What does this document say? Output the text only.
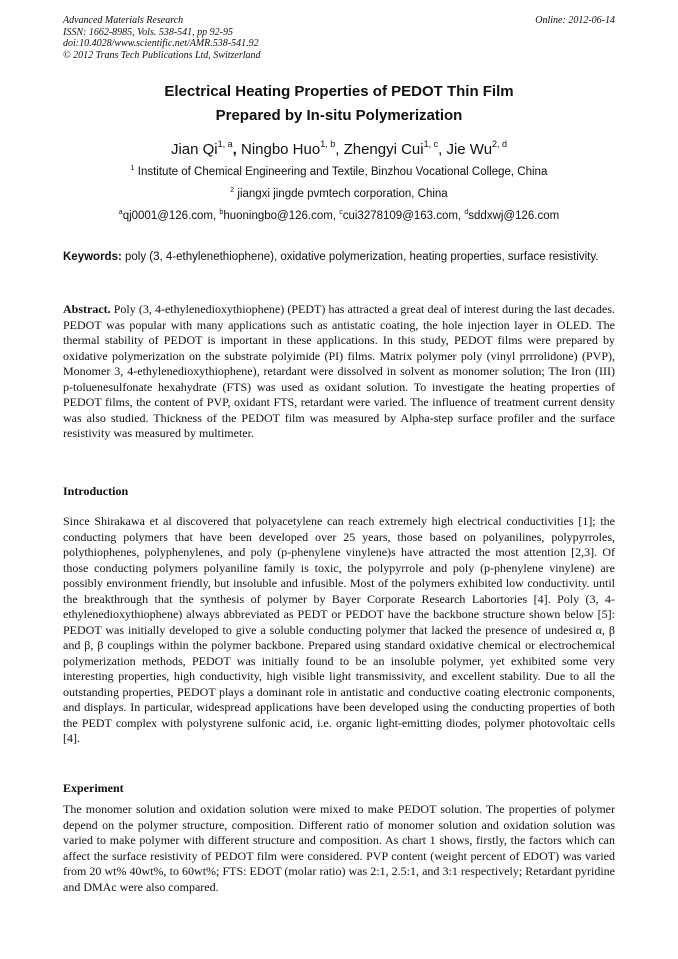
Advanced Materials Research
ISSN: 1662-8985, Vols. 538-541, pp 92-95
doi:10.4028/www.scientific.net/AMR.538-541.92
© 2012 Trans Tech Publications Ltd, Switzerland
Online: 2012-06-14
Electrical Heating Properties of PEDOT Thin Film
Prepared by In-situ Polymerization
Jian Qi$^{1, a}$, Ningbo Huo$^{1, b}$, Zhengyi Cui$^{1, c}$, Jie Wu$^{2, d}$
$^1$ Institute of Chemical Engineering and Textile, Binzhou Vocational College, China
$^2$ jiangxi jingde pvmtech corporation, China
$^a$qj0001@126.com, $^b$huoningbo@126.com, $^c$cui3278109@163.com, $^d$sddxwj@126.com
Keywords: poly (3, 4-ethylenethiophene), oxidative polymerization, heating properties, surface resistivity.
Abstract. Poly (3, 4-ethylenedioxythiophene) (PEDT) has attracted a great deal of interest during the last decades. PEDOT was popular with many applications such as antistatic coating, the hole injection layer in OLED. The thermal stability of PEDOT is important in these applications. In this study, PEDOT films were prepared by oxidative polymerization on the substrate polyimide (PI) films. Matrix polymer poly (vinyl prrrolidone) (PVP), Monomer 3, 4-ethylenedioxythiophene), retardant were dissolved in solvent as monomer solution; The Iron (III) p-toluenesulfonate hexahydrate (FTS) was used as oxidant solution. To investigate the heating properties of PEDOT films, the content of PVP, oxidant FTS, retardant were varied. The influence of treatment current density was also studied. Thickness of the PEDOT film was measured by Alpha-step surface profiler and the surface resistivity was measured by multimeter.
Introduction
Since Shirakawa et al discovered that polyacetylene can reach extremely high electrical conductivities [1]; the conducting polymers that have been developed over 25 years, those based on polyanilines, polypyrroles, polythiophenes, polyphenylenes, and poly (p-phenylene vinylene)s have attracted the most attention [2,3]. Of those conducting polymers polyaniline family is toxic, the polypyrrole and poly (p-phenylene vinylene) are possibly environment friendly, but insoluble and infusible. Most of the polymers exhibited low conductivity. until the breakthrough that the synthesis of polymer by Bayer Corporate Research Labortories [4]. Poly (3, 4-ethylenedioxythiophene) always abbreviated as PEDT or PEDOT have the backbone structure shown below [5]: PEDOT was initially developed to give a soluble conducting polymer that lacked the presence of undesired α, β and β, β couplings within the polymer backbone. Prepared using standard oxidative chemical or electrochemical polymerization methods, PEDOT was initially found to be an insoluble polymer, yet exhibited some very interesting properties, high conductivity, high visible light transmissivity, and excellent stability. Due to all the outstanding properties, PEDOT plays a dominant role in antistatic and conductive coating electronic components, and displays. In particular, widespread applications have been developed using the conducting properties of both the PEDT complex with polystyrene sulfonic acid, i.e. organic light-emitting diodes, polymer photovoltaic cells [4].
Experiment
The monomer solution and oxidation solution were mixed to make PEDOT solution. The properties of polymer depend on the polymer structure, composition. Different ratio of monomer solution and oxidation solution was varied to make polymer with different structure and composition. As chart 1 shows, firstly, the factors which can affect the surface resistivity of PEDOT film were considered. PVP content (weight percent of EDOT) was varied from 20 wt% 40wt%, to 60wt%; FTS: EDOT (molar ratio) was 2:1, 2.5:1, and 3:1 respectively; Retardant pyridine and DMAc were also compared.
